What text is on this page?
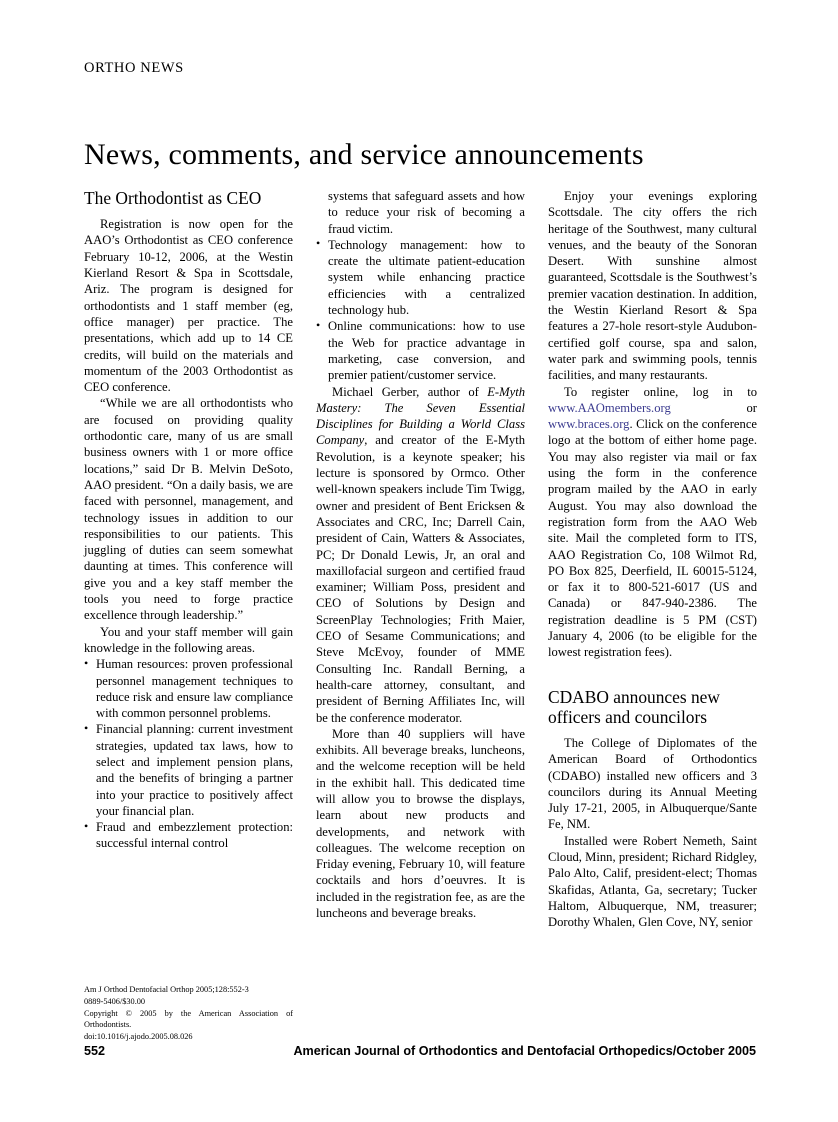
ORTHO NEWS
News, comments, and service announcements
The Orthodontist as CEO

Registration is now open for the AAO’s Orthodontist as CEO conference February 10-12, 2006, at the Westin Kierland Resort & Spa in Scottsdale, Ariz. The program is designed for orthodontists and 1 staff member (eg, office manager) per practice. The presentations, which add up to 14 CE credits, will build on the materials and momentum of the 2003 Orthodontist as CEO conference.

“While we are all orthodontists who are focused on providing quality orthodontic care, many of us are small business owners with 1 or more office locations,” said Dr B. Melvin DeSoto, AAO president. “On a daily basis, we are faced with personnel, management, and technology issues in addition to our responsibilities to our patients. This juggling of duties can seem somewhat daunting at times. This conference will give you and a key staff member the tools you need to forge practice excellence through leadership.”

You and your staff member will gain knowledge in the following areas.

• Human resources: proven professional personnel management techniques to reduce risk and ensure law compliance with common personnel problems.
• Financial planning: current investment strategies, updated tax laws, how to select and implement pension plans, and the benefits of bringing a partner into your practice to positively affect your financial plan.
• Fraud and embezzlement protection: successful internal control
Am J Orthod Dentofacial Orthop 2005;128:552-3
0889-5406/$30.00
Copyright © 2005 by the American Association of Orthodontists.
doi:10.1016/j.ajodo.2005.08.026
systems that safeguard assets and how to reduce your risk of becoming a fraud victim.
• Technology management: how to create the ultimate patient-education system while enhancing practice efficiencies with a centralized technology hub.
• Online communications: how to use the Web for practice advantage in marketing, case conversion, and premier patient/customer service.

Michael Gerber, author of E-Myth Mastery: The Seven Essential Disciplines for Building a World Class Company, and creator of the E-Myth Revolution, is a keynote speaker; his lecture is sponsored by Ormco. Other well-known speakers include Tim Twigg, owner and president of Bent Ericksen & Associates and CRC, Inc; Darrell Cain, president of Cain, Watters & Associates, PC; Dr Donald Lewis, Jr, an oral and maxillofacial surgeon and certified fraud examiner; William Poss, president and CEO of Solutions by Design and ScreenPlay Technologies; Frith Maier, CEO of Sesame Communications; and Steve McEvoy, founder of MME Consulting Inc. Randall Berning, a health-care attorney, consultant, and president of Berning Affiliates Inc, will be the conference moderator.

More than 40 suppliers will have exhibits. All beverage breaks, luncheons, and the welcome reception will be held in the exhibit hall. This dedicated time will allow you to browse the displays, learn about new products and developments, and network with colleagues. The welcome reception on Friday evening, February 10, will feature cocktails and hors d’oeuvres. It is included in the registration fee, as are the luncheons and beverage breaks.

Enjoy your evenings exploring Scottsdale. The city offers the rich heritage of the Southwest, many cultural venues, and the beauty of the Sonoran Desert. With sunshine almost guaranteed, Scottsdale is the Southwest’s premier vacation destination. In addition, the Westin Kierland Resort & Spa features a 27-hole resort-style Audubon-certified golf course, spa and salon, water park and swimming pools, tennis facilities, and many restaurants.

To register online, log in to www.AAOmembers.org or www.braces.org. Click on the conference logo at the bottom of either home page. You may also register via mail or fax using the form in the conference program mailed by the AAO in early August. You may also download the registration form from the AAO Web site. Mail the completed form to ITS, AAO Registration Co, 108 Wilmot Rd, PO Box 825, Deerfield, IL 60015-5124, or fax it to 800-521-6017 (US and Canada) or 847-940-2386. The registration deadline is 5 PM (CST) January 4, 2006 (to be eligible for the lowest registration fees).

CDABO announces new officers and councilors

The College of Diplomates of the American Board of Orthodontics (CDABO) installed new officers and 3 councilors during its Annual Meeting July 17-21, 2005, in Albuquerque/Sante Fe, NM.

Installed were Robert Nemeth, Saint Cloud, Minn, president; Richard Ridgley, Palo Alto, Calif, president-elect; Thomas Skafidas, Atlanta, Ga, secretary; Tucker Haltom, Albuquerque, NM, treasurer; Dorothy Whalen, Glen Cove, NY, senior

552	American Journal of Orthodontics and Dentofacial Orthopedics/October 2005
